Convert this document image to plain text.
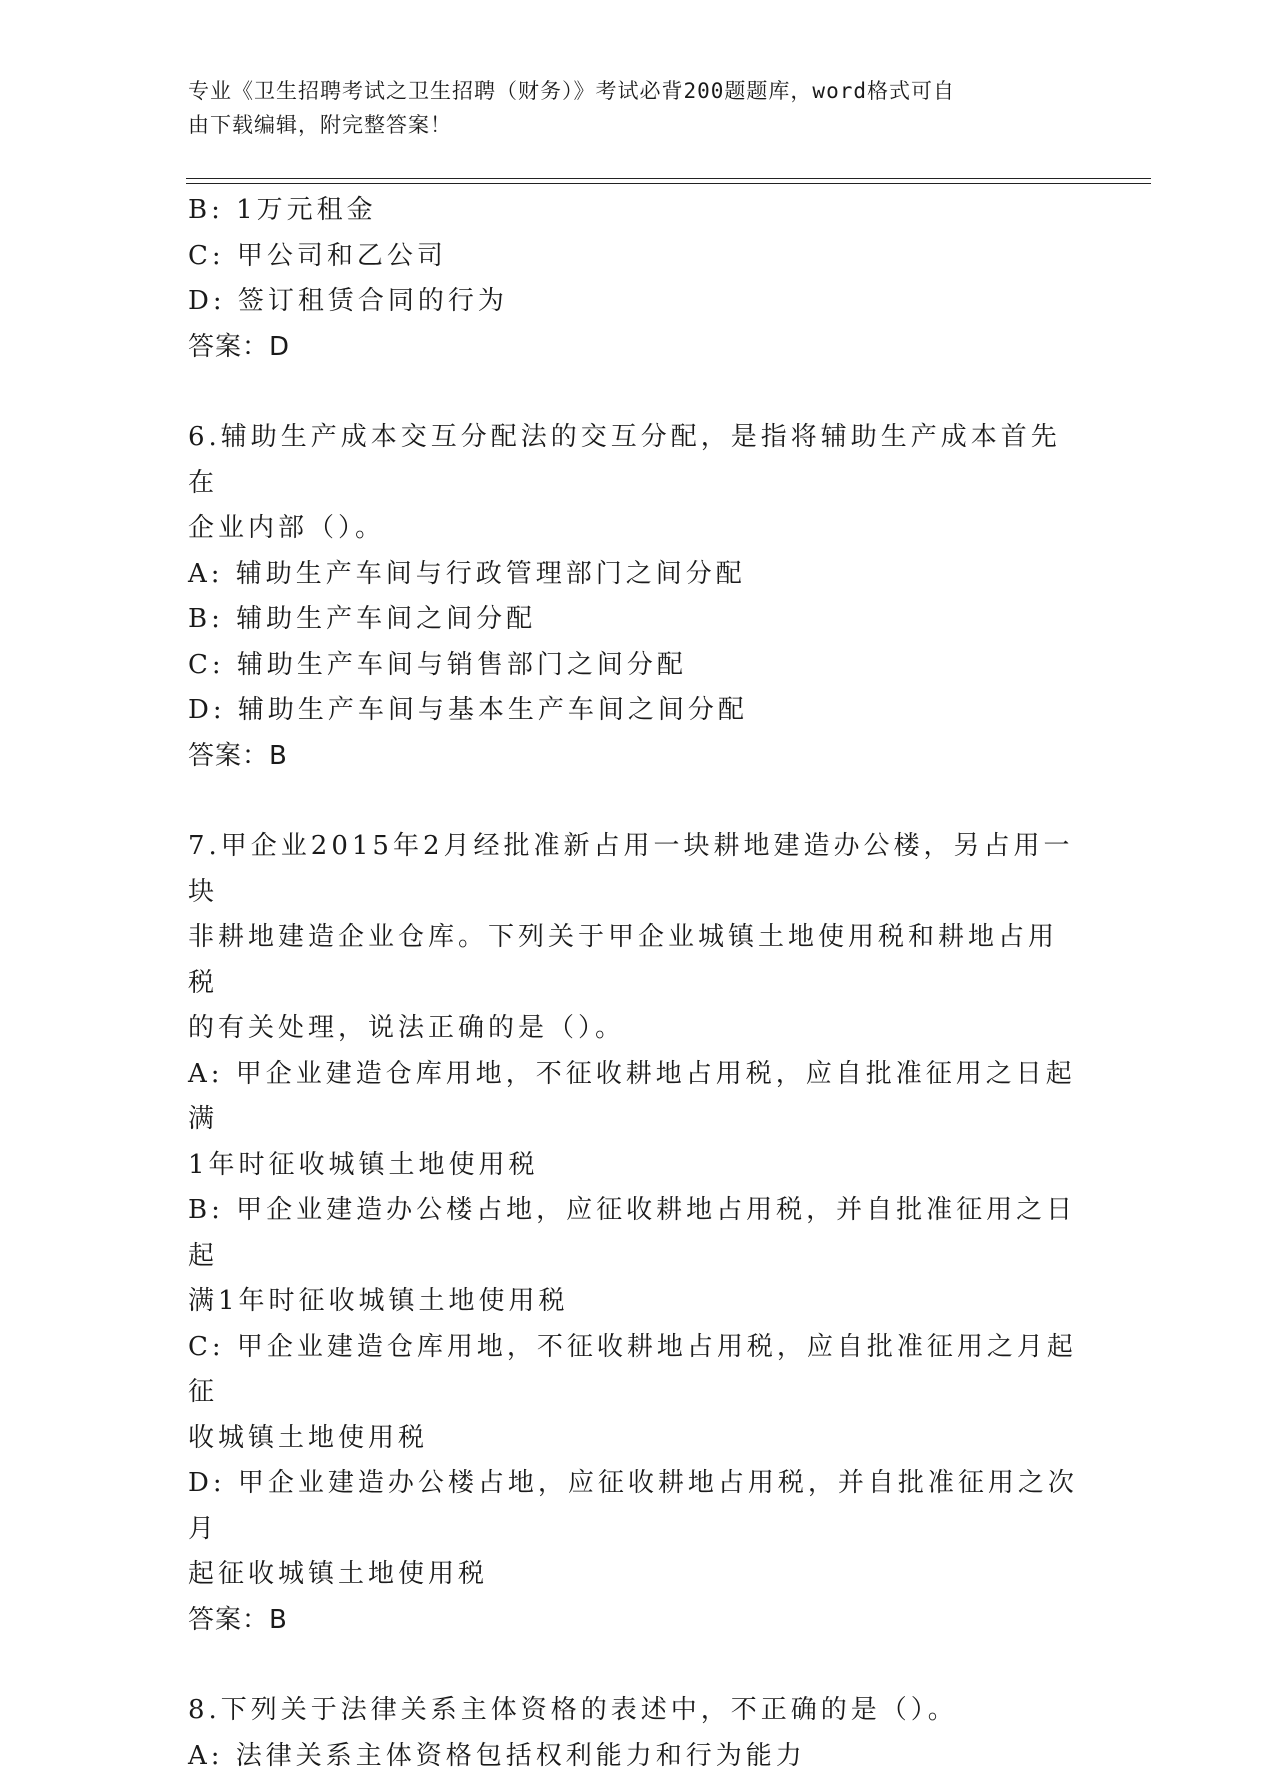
专业《卫生招聘考试之卫生招聘（财务）》考试必背200题题库，word格式可自
由下载编辑，附完整答案！
B: 1万元租金
C: 甲公司和乙公司
D: 签订租赁合同的行为
答案：D
6.辅助生产成本交互分配法的交互分配，是指将辅助生产成本首先在
企业内部（）。
A: 辅助生产车间与行政管理部门之间分配
B: 辅助生产车间之间分配
C: 辅助生产车间与销售部门之间分配
D: 辅助生产车间与基本生产车间之间分配
答案：B
7.甲企业2015年2月经批准新占用一块耕地建造办公楼，另占用一块
非耕地建造企业仓库。下列关于甲企业城镇土地使用税和耕地占用税
的有关处理，说法正确的是（）。
A: 甲企业建造仓库用地，不征收耕地占用税，应自批准征用之日起满
1年时征收城镇土地使用税
B: 甲企业建造办公楼占地，应征收耕地占用税，并自批准征用之日起
满1年时征收城镇土地使用税
C: 甲企业建造仓库用地，不征收耕地占用税，应自批准征用之月起征
收城镇土地使用税
D: 甲企业建造办公楼占地，应征收耕地占用税，并自批准征用之次月
起征收城镇土地使用税
答案：B
8.下列关于法律关系主体资格的表述中，不正确的是（）。
A: 法律关系主体资格包括权利能力和行为能力
